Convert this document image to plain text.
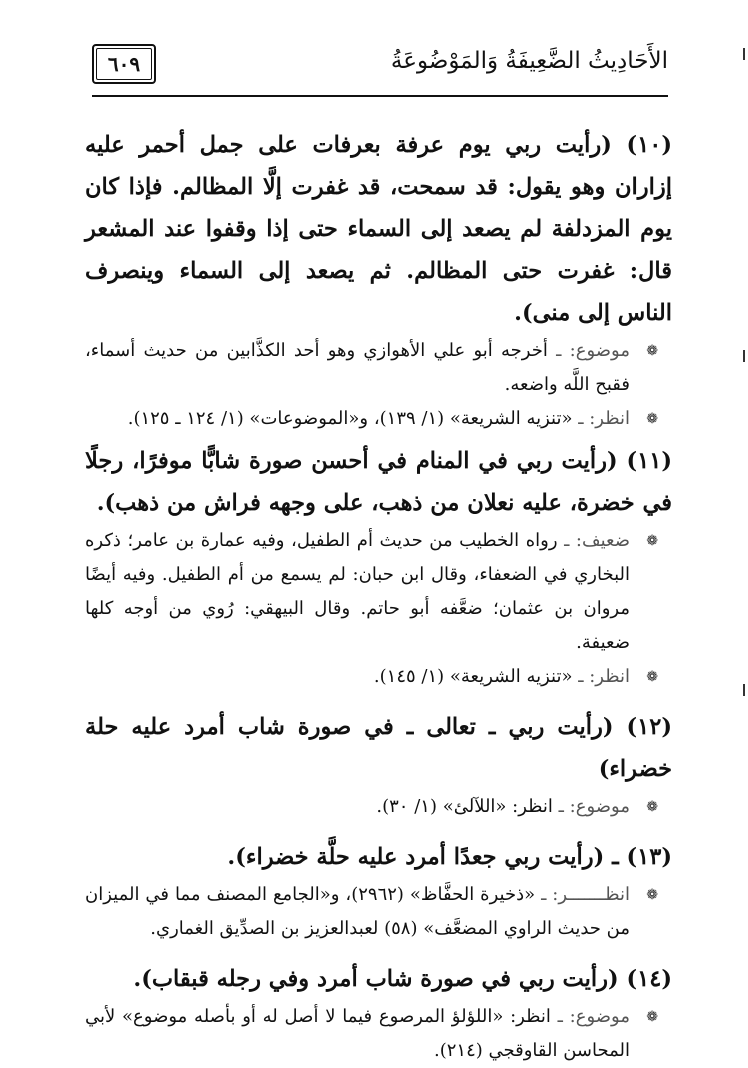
الأَحَادِيثُ الضَّعِيفَةُ وَالمَوْضُوعَةُ
٦٠٩

(١٠) (رأيت ربي يوم عرفة بعرفات على جمل أحمر عليه إزاران وهو يقول: قد سمحت، قد غفرت إلَّا المظالم. فإذا كان يوم المزدلفة لم يصعد إلى السماء حتى إذا وقفوا عند المشعر قال: غفرت حتى المظالم. ثم يصعد إلى السماء وينصرف الناس إلى منى).

❁
موضوع: ـ أخرجه أبو علي الأهوازي وهو أحد الكذَّابين من حديث أسماء، فقبح اللَّه واضعه.

❁
انظر: ـ «تنزيه الشريعة» (١/ ١٣٩)، و«الموضوعات» (١/ ١٢٤ ـ ١٢٥).

(١١) (رأيت ربي في المنام في أحسن صورة شابًّا موفرًا، رجلًا في خضرة، عليه نعلان من ذهب، على وجهه فراش من ذهب).

❁
ضعيف: ـ رواه الخطيب من حديث أم الطفيل، وفيه عمارة بن عامر؛ ذكره البخاري في الضعفاء، وقال ابن حبان: لم يسمع من أم الطفيل. وفيه أيضًا مروان بن عثمان؛ ضعَّفه أبو حاتم. وقال البيهقي: رُوي من أوجه كلها ضعيفة.

❁
انظر: ـ «تنزيه الشريعة» (١/ ١٤٥).

(١٢) (رأيت ربي ـ تعالى ـ في صورة شاب أمرد عليه حلة خضراء)

❁
موضوع: ـ انظر: «اللآلئ» (١/ ٣٠).

(١٣) ـ (رأيت ربي جعدًا أمرد عليه حلَّة خضراء).

❁
انظـــــــر: ـ «ذخيرة الحفَّاظ» (٢٩٦٢)، و«الجامع المصنف مما في الميزان من حديث الراوي المضعَّف» (٥٨) لعبدالعزيز بن الصدِّيق الغماري.

(١٤) (رأيت ربي في صورة شاب أمرد وفي رجله قبقاب).

❁
موضوع: ـ انظر: «اللؤلؤ المرصوع فيما لا أصل له أو بأصله موضوع» لأبي المحاسن القاوقجي (٢١٤).
